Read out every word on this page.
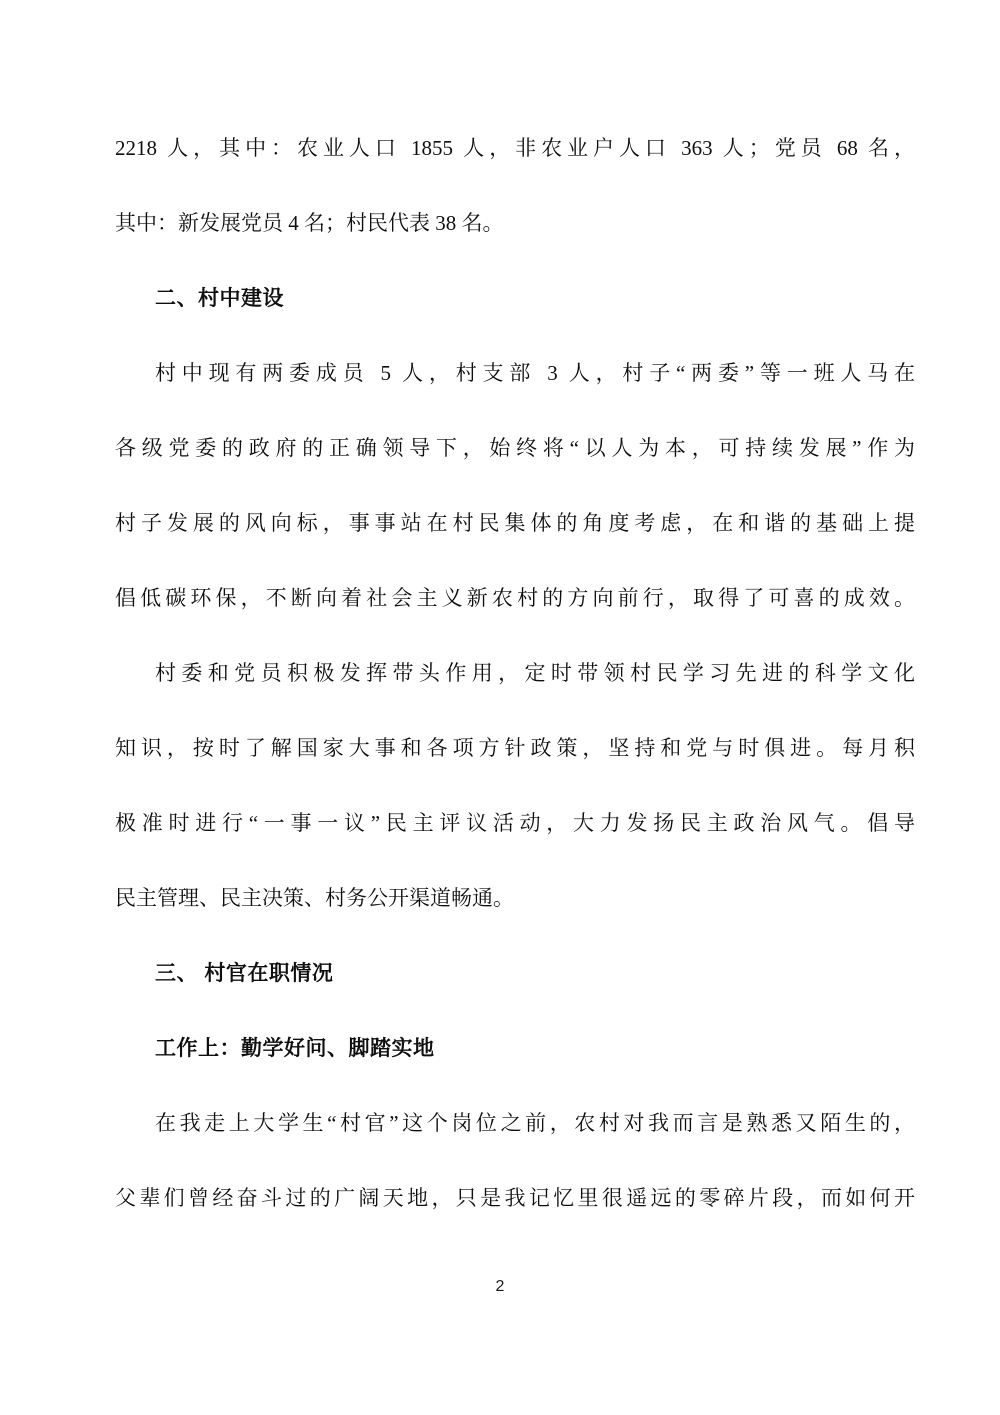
2218 人，其中：农业人口 1855 人，非农业户人口 363 人；党员 68 名，
其中：新发展党员 4 名；村民代表 38 名。
二、村中建设
村中现有两委成员 5 人，村支部 3 人，村子“两委”等一班人马在
各级党委的政府的正确领导下，始终将“以人为本，可持续发展”作为
村子发展的风向标，事事站在村民集体的角度考虑，在和谐的基础上提
倡低碳环保，不断向着社会主义新农村的方向前行，取得了可喜的成效。
村委和党员积极发挥带头作用，定时带领村民学习先进的科学文化
知识，按时了解国家大事和各项方针政策，坚持和党与时俱进。每月积
极准时进行“一事一议”民主评议活动，大力发扬民主政治风气。倡导
民主管理、民主决策、村务公开渠道畅通。
三、 村官在职情况
工作上：勤学好问、脚踏实地
在我走上大学生“村官”这个岗位之前，农村对我而言是熟悉又陌生的，
父辈们曾经奋斗过的广阔天地，只是我记忆里很遥远的零碎片段，而如何开
2
